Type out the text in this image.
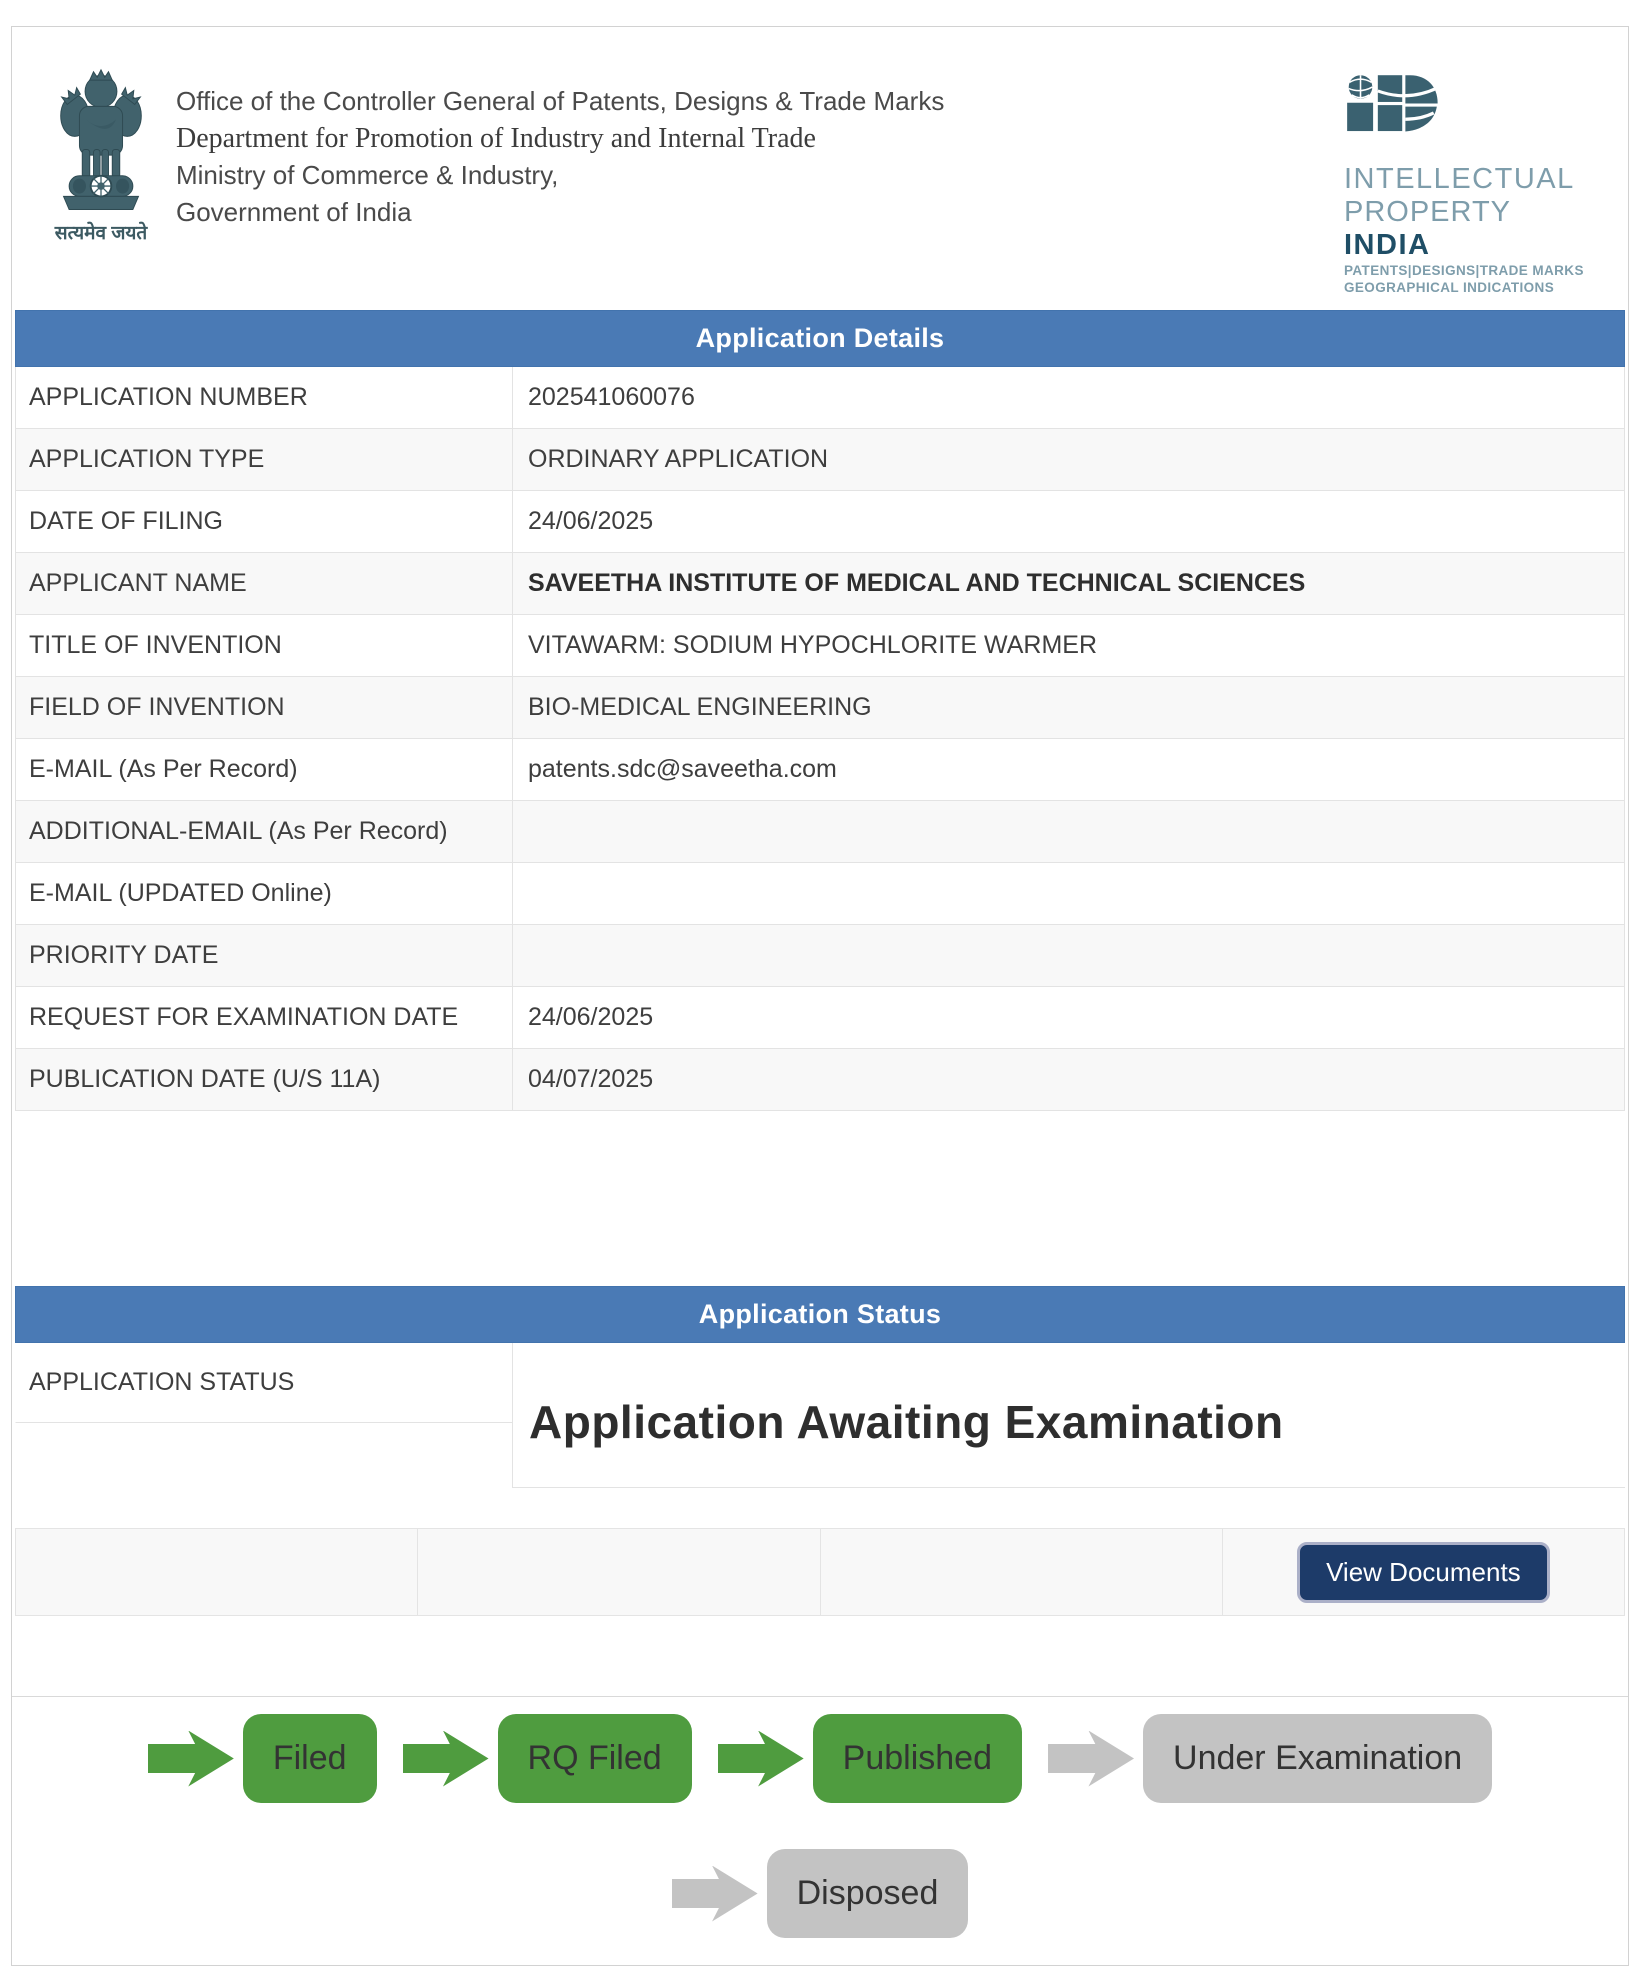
सत्यमेव जयते
Office of the Controller General of Patents, Designs & Trade Marks
Department for Promotion of Industry and Internal Trade
Ministry of Commerce & Industry,
Government of India
INTELLECTUAL
PROPERTY INDIA
PATENTS|DESIGNS|TRADE MARKS
GEOGRAPHICAL INDICATIONS
Application Details
APPLICATION NUMBER	202541060076
APPLICATION TYPE	ORDINARY APPLICATION
DATE OF FILING	24/06/2025
APPLICANT NAME	SAVEETHA INSTITUTE OF MEDICAL AND TECHNICAL SCIENCES
TITLE OF INVENTION	VITAWARM: SODIUM HYPOCHLORITE WARMER
FIELD OF INVENTION	BIO-MEDICAL ENGINEERING
E-MAIL (As Per Record)	patents.sdc@saveetha.com
ADDITIONAL-EMAIL (As Per Record)
E-MAIL (UPDATED Online)
PRIORITY DATE
REQUEST FOR EXAMINATION DATE	24/06/2025
PUBLICATION DATE (U/S 11A)	04/07/2025
Application Status
APPLICATION STATUS
Application Awaiting Examination
View Documents
Filed	RQ Filed	Published	Under Examination
Disposed
